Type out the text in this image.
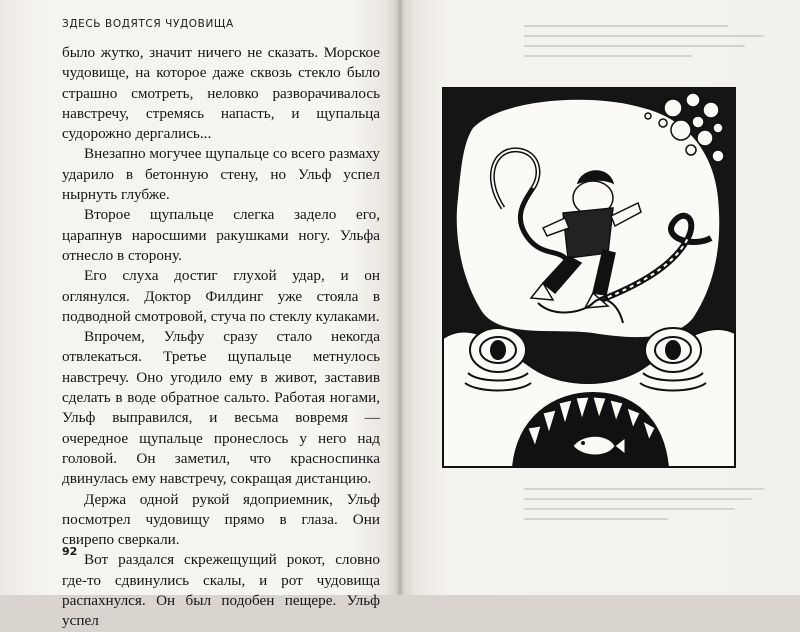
ЗДЕСЬ ВОДЯТСЯ ЧУДОВИЩА

было жутко, значит ничего не сказать. Морское чудовище, на которое даже сквозь стекло было страшно смотреть, неловко разворачивалось навстречу, стремясь напасть, и щупальца судорожно дергались...

Внезапно могучее щупальце со всего размаху ударило в бетонную стену, но Ульф успел нырнуть глубже.

Второе щупальце слегка задело его, царапнув наросшими ракушками ногу. Ульфа отнесло в сторону.

Его слуха достиг глухой удар, и он оглянулся. Доктор Филдинг уже стояла в подводной смотровой, стуча по стеклу кулаками.

Впрочем, Ульфу сразу стало некогда отвлекаться. Третье щупальце метнулось навстречу. Оно угодило ему в живот, заставив сделать в воде обратное сальто. Работая ногами, Ульф выправился, и весьма вовремя — очередное щупальце пронеслось у него над головой. Он заметил, что красноспинка двинулась ему навстречу, сокращая дистанцию.

Держа одной рукой ядоприемник, Ульф посмотрел чудовищу прямо в глаза. Они свирепо сверкали.

Вот раздался скрежещущий рокот, словно где-то сдвинулись скалы, и рот чудовища распахнулся. Он был подобен пещере. Ульф успел

92
